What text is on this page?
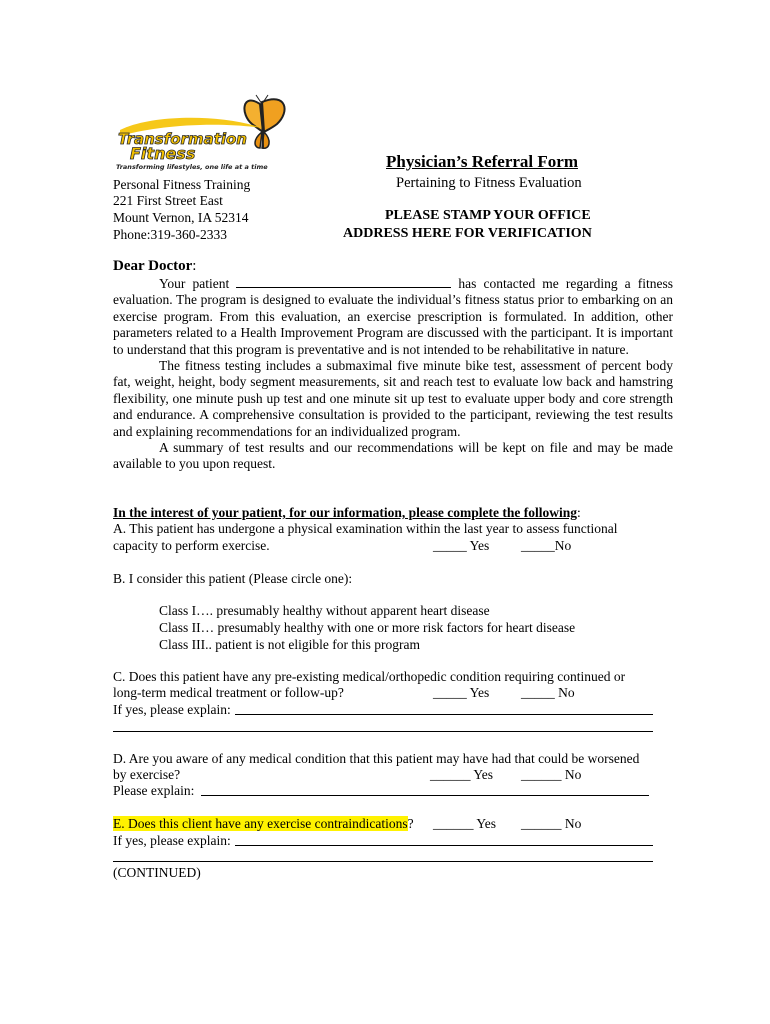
Transformation
Fitness
Transforming lifestyles, one life at a time	Physician’s Referral Form
Pertaining to Fitness Evaluation
Personal Fitness Training
221 First Street East
Mount Vernon, IA 52314
Phone:319-360-2333
PLEASE STAMP YOUR OFFICE
ADDRESS HERE FOR VERIFICATION
Dear Doctor:

Your patient	has contacted me regarding a fitness evaluation. The program is designed to evaluate the individual’s fitness status prior to embarking on an exercise program. From this evaluation, an exercise prescription is formulated. In addition, other parameters related to a Health Improvement Program are discussed with the participant. It is important to understand that this program is preventative and is not intended to be rehabilitative in nature.

The fitness testing includes a submaximal five minute bike test, assessment of percent body fat, weight, height, body segment measurements, sit and reach test to evaluate low back and hamstring flexibility, one minute push up test and one minute sit up test to evaluate upper body and core strength and endurance. A comprehensive consultation is provided to the participant, reviewing the test results and explaining recommendations for an individualized program.

A summary of test results and our recommendations will be kept on file and may be made available to you upon request.

In the interest of your patient, for our information, please complete the following:
A. This patient has undergone a physical examination within the last year to assess functional
capacity to perform exercise.	_____ Yes _____No
B. I consider this patient (Please circle one):
Class I…. presumably healthy without apparent heart disease
Class II… presumably healthy with one or more risk factors for heart disease
Class III.. patient is not eligible for this program
C. Does this patient have any pre-existing medical/orthopedic condition requiring continued or
long-term medical treatment or follow-up?	_____ Yes _____ No
If yes, please explain:
D. Are you aware of any medical condition that this patient may have had that could be worsened
by exercise?	______ Yes ______ No
Please explain:
E. Does this client have any exercise contraindications? ______ Yes ______ No
If yes, please explain:
(CONTINUED)
